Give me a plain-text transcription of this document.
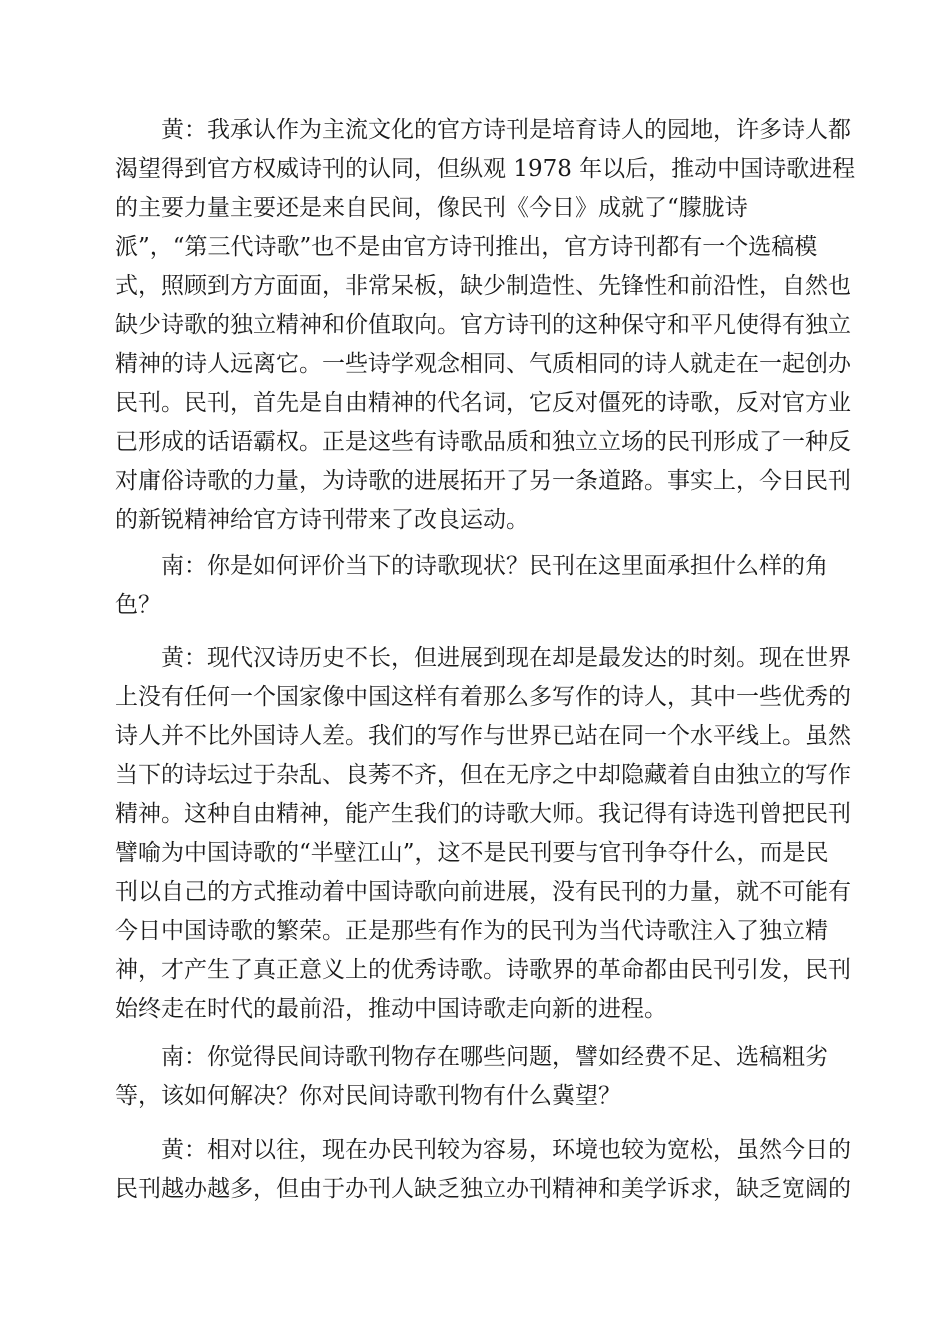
黄：我承认作为主流文化的官方诗刊是培育诗人的园地，许多诗人都
渴望得到官方权威诗刊的认同，但纵观 1978 年以后，推动中国诗歌进程
的主要力量主要还是来自民间，像民刊《今日》成就了“朦胧诗
派”，“第三代诗歌”也不是由官方诗刊推出，官方诗刊都有一个选稿模
式，照顾到方方面面，非常呆板，缺少制造性、先锋性和前沿性，自然也
缺少诗歌的独立精神和价值取向。官方诗刊的这种保守和平凡使得有独立
精神的诗人远离它。一些诗学观念相同、气质相同的诗人就走在一起创办
民刊。民刊，首先是自由精神的代名词，它反对僵死的诗歌，反对官方业
已形成的话语霸权。正是这些有诗歌品质和独立立场的民刊形成了一种反
对庸俗诗歌的力量，为诗歌的进展拓开了另一条道路。事实上，今日民刊
的新锐精神给官方诗刊带来了改良运动。
南：你是如何评价当下的诗歌现状？民刊在这里面承担什么样的角
色？
黄：现代汉诗历史不长，但进展到现在却是最发达的时刻。现在世界
上没有任何一个国家像中国这样有着那么多写作的诗人，其中一些优秀的
诗人并不比外国诗人差。我们的写作与世界已站在同一个水平线上。虽然
当下的诗坛过于杂乱、良莠不齐，但在无序之中却隐藏着自由独立的写作
精神。这种自由精神，能产生我们的诗歌大师。我记得有诗选刊曾把民刊
譬喻为中国诗歌的“半壁江山”，这不是民刊要与官刊争夺什么，而是民
刊以自己的方式推动着中国诗歌向前进展，没有民刊的力量，就不可能有
今日中国诗歌的繁荣。正是那些有作为的民刊为当代诗歌注入了独立精
神，才产生了真正意义上的优秀诗歌。诗歌界的革命都由民刊引发，民刊
始终走在时代的最前沿，推动中国诗歌走向新的进程。
南：你觉得民间诗歌刊物存在哪些问题，譬如经费不足、选稿粗劣
等，该如何解决？你对民间诗歌刊物有什么冀望？
黄：相对以往，现在办民刊较为容易，环境也较为宽松，虽然今日的
民刊越办越多，但由于办刊人缺乏独立办刊精神和美学诉求，缺乏宽阔的
